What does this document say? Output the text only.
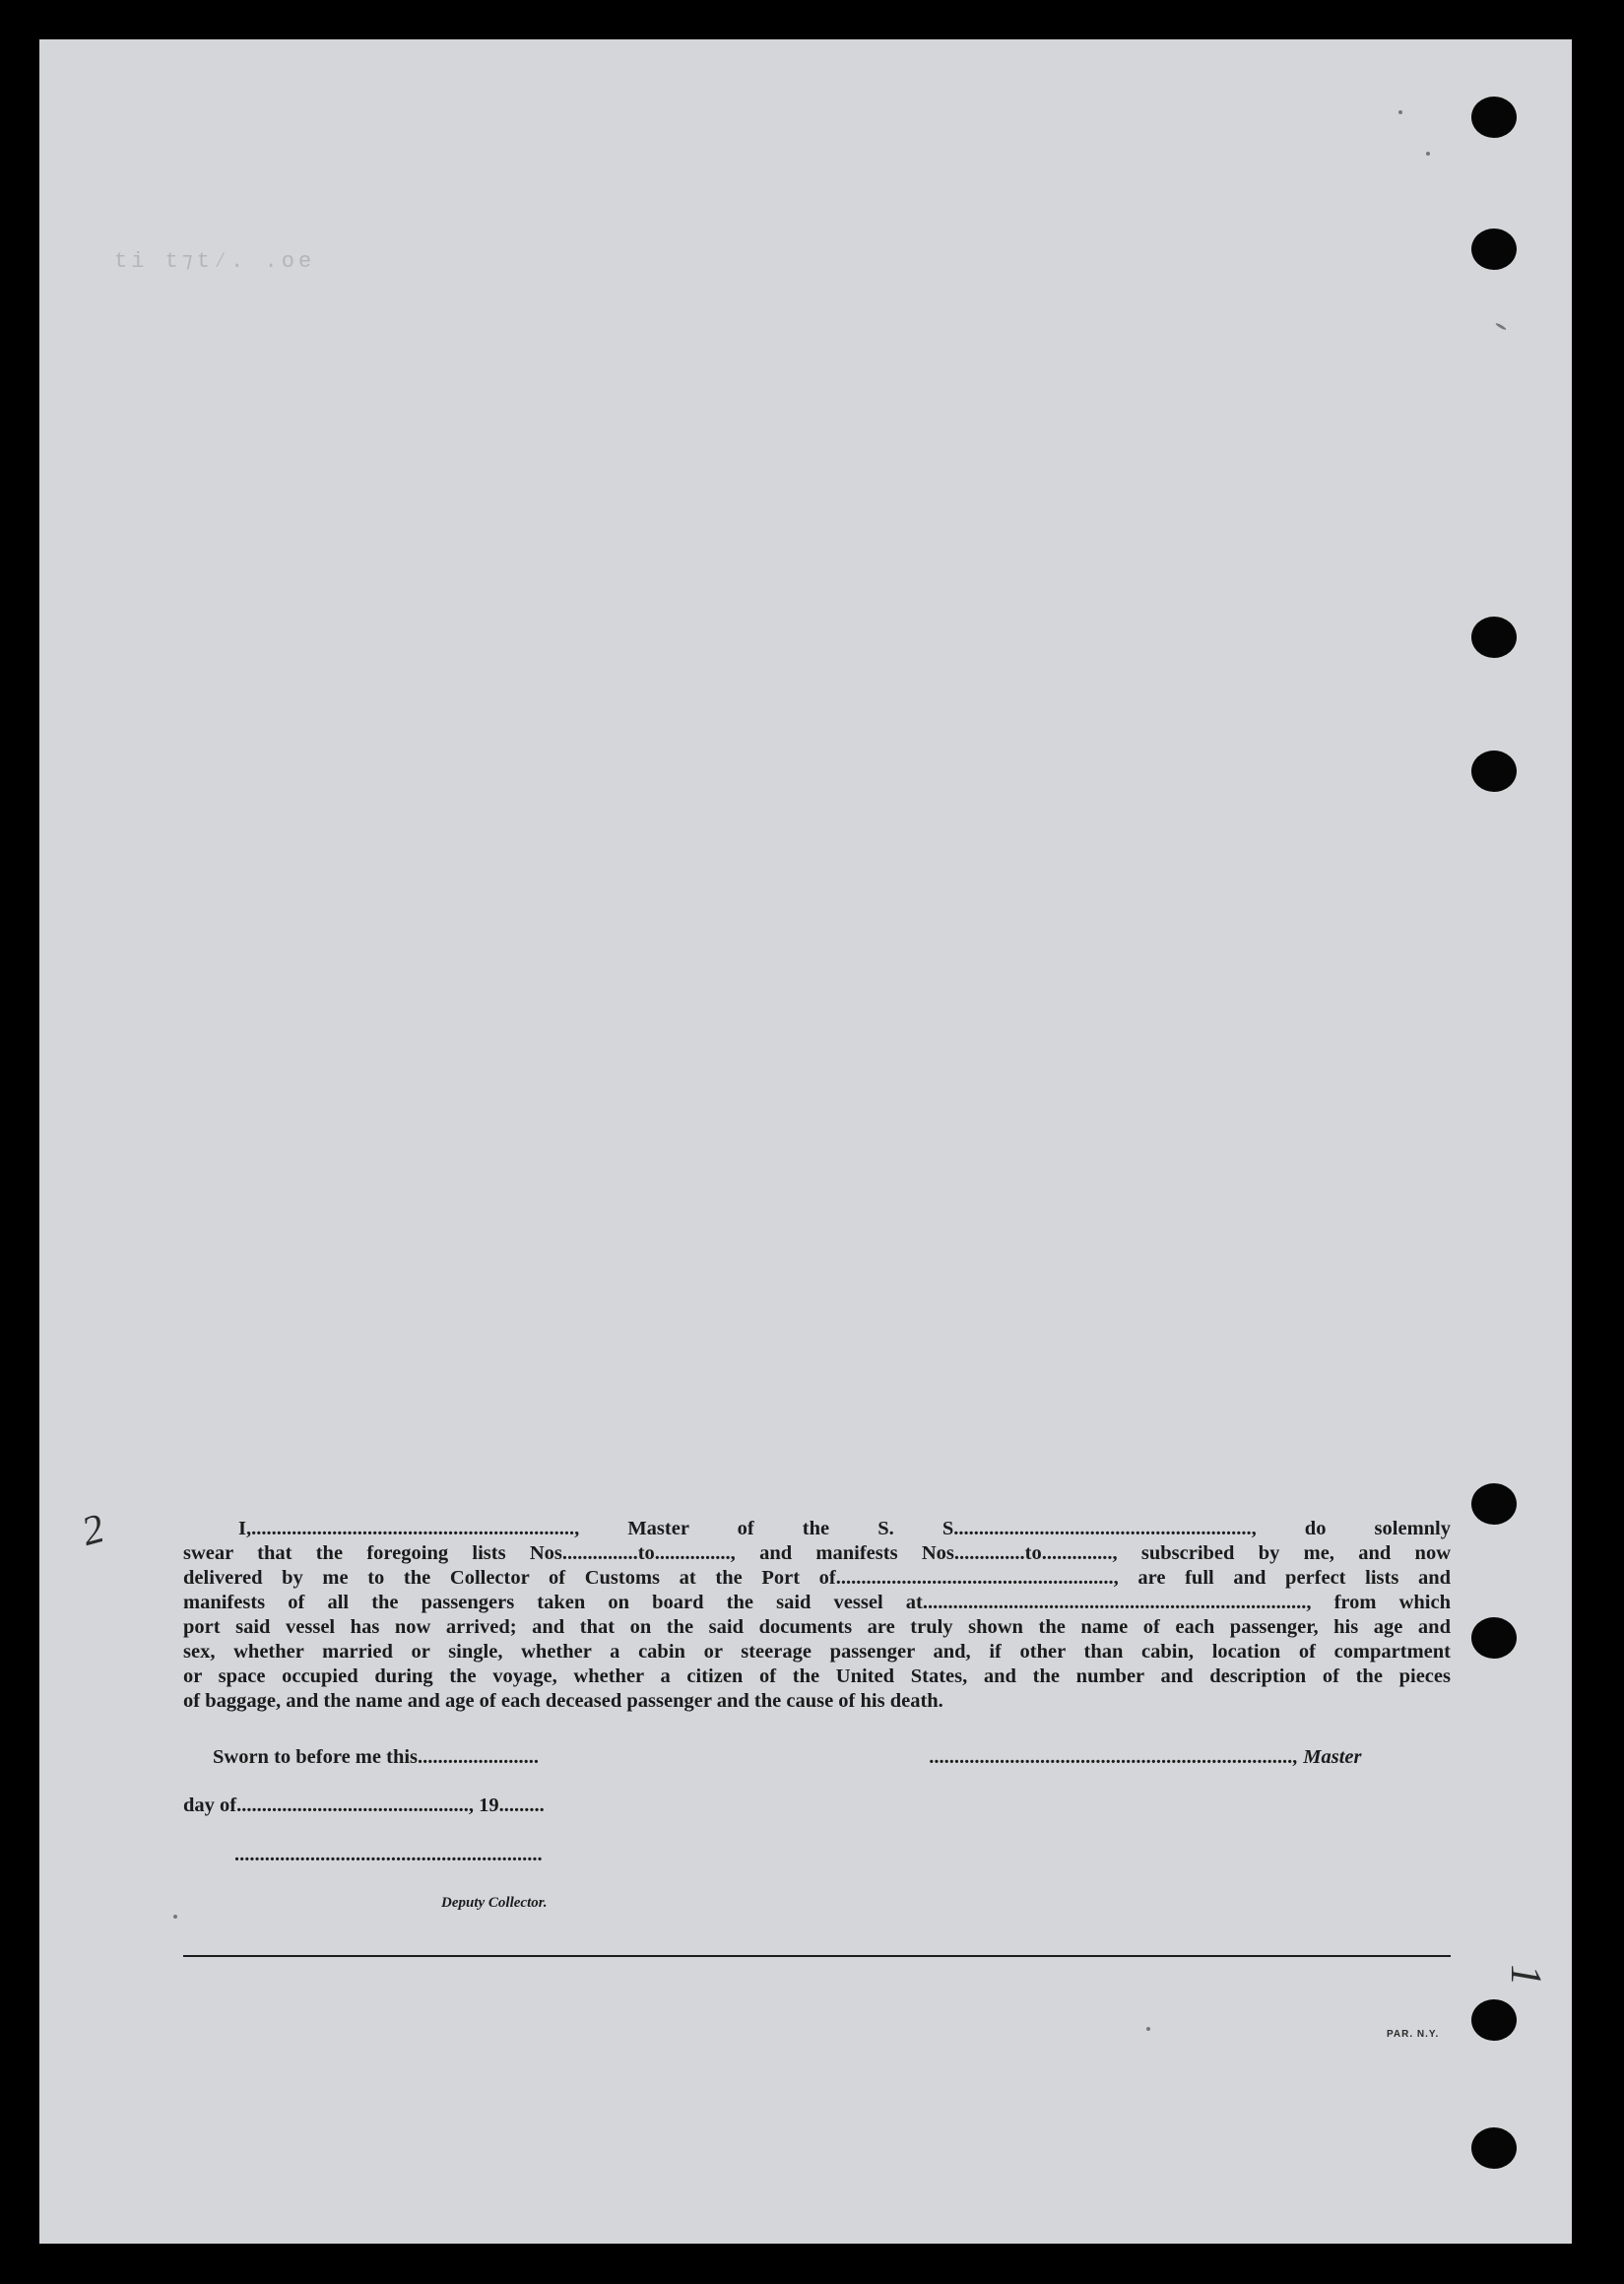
ti t⁊t⁄. .oe
I,................................................................, Master of the S. S..........................................................., do solemnly
swear that the foregoing lists Nos...............to..............., and manifests Nos..............to.............., subscribed by me, and now
delivered by me to the Collector of Customs at the Port of......................................................., are full and perfect lists and
manifests of all the passengers taken on board the said vessel at............................................................................, from which
port said vessel has now arrived; and that on the said documents are truly shown the name of each passenger, his age and
sex, whether married or single, whether a cabin or steerage passenger and, if other than cabin, location of compartment
or space occupied during the voyage, whether a citizen of the United States, and the number and description of the pieces
of baggage, and the name and age of each deceased passenger and the cause of his death.
Sworn to before me this........................	........................................................................, Master
day of.............................................., 19.........
.............................................................
Deputy Collector.
PAR. N.Y.
2
1
